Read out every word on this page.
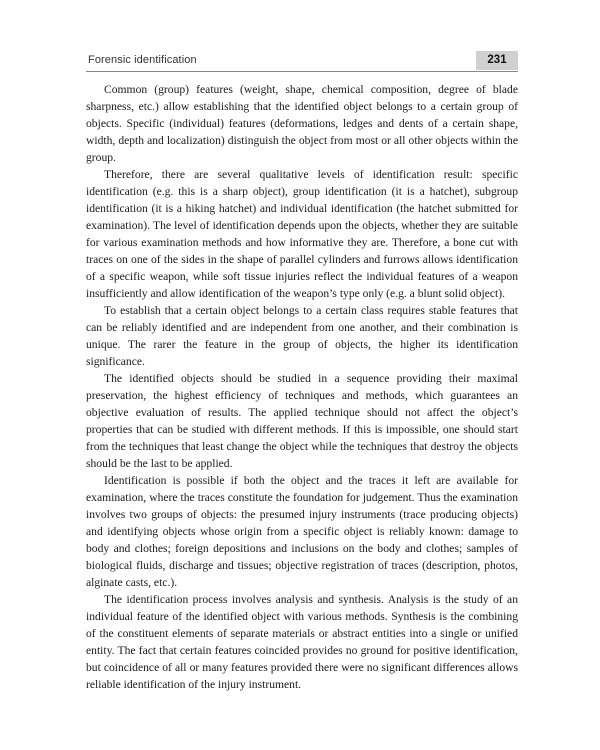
Forensic identification	231

Common (group) features (weight, shape, chemical composition, degree of blade sharpness, etc.) allow establishing that the identified object belongs to a certain group of objects. Specific (individual) features (deformations, ledges and dents of a certain shape, width, depth and localization) distinguish the object from most or all other objects within the group.

Therefore, there are several qualitative levels of identification result: specific identification (e.g. this is a sharp object), group identification (it is a hatchet), subgroup identification (it is a hiking hatchet) and individual identification (the hatchet submitted for examination). The level of identification depends upon the objects, whether they are suitable for various examination methods and how informative they are. Therefore, a bone cut with traces on one of the sides in the shape of parallel cylinders and furrows allows identification of a specific weapon, while soft tissue injuries reflect the individual features of a weapon insufficiently and allow identification of the weapon’s type only (e.g. a blunt solid object).

To establish that a certain object belongs to a certain class requires stable features that can be reliably identified and are independent from one another, and their combination is unique. The rarer the feature in the group of objects, the higher its identification significance.

The identified objects should be studied in a sequence providing their maximal preservation, the highest efficiency of techniques and methods, which guarantees an objective evaluation of results. The applied technique should not affect the object’s properties that can be studied with different methods. If this is impossible, one should start from the techniques that least change the object while the techniques that destroy the objects should be the last to be applied.

Identification is possible if both the object and the traces it left are available for examination, where the traces constitute the foundation for judgement. Thus the examination involves two groups of objects: the presumed injury instruments (trace producing objects) and identifying objects whose origin from a specific object is reliably known: damage to body and clothes; foreign depositions and inclusions on the body and clothes; samples of biological fluids, discharge and tissues; objective registration of traces (description, photos, alginate casts, etc.).

The identification process involves analysis and synthesis. Analysis is the study of an individual feature of the identified object with various methods. Synthesis is the combining of the constituent elements of separate materials or abstract entities into a single or unified entity. The fact that certain features coincided provides no ground for positive identification, but coincidence of all or many features provided there were no significant differences allows reliable identification of the injury instrument.
